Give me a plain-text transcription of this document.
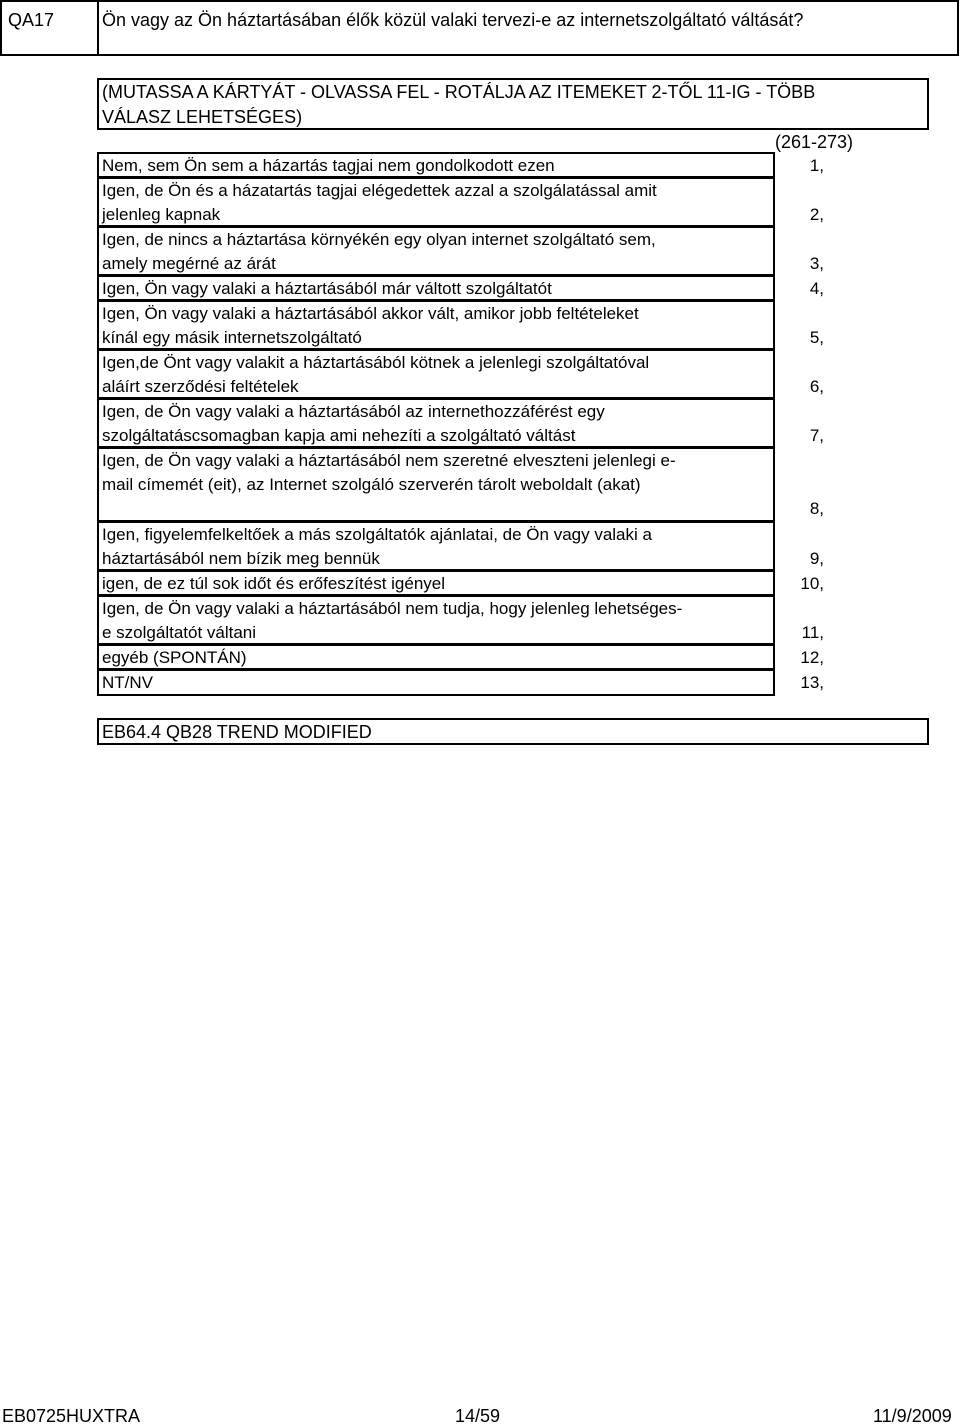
QA17	Ön vagy az Ön háztartásában élők közül valaki tervezi-e az internetszolgáltató váltását?
(MUTASSA A KÁRTYÁT - OLVASSA FEL - ROTÁLJA AZ ITEMEKET 2-TŐL 11-IG - TÖBB
VÁLASZ LEHETSÉGES)
(261-273)
Nem, sem Ön sem a házartás tagjai nem gondolkodott ezen	1,
Igen, de Ön és a házatartás tagjai elégedettek azzal a szolgálatással amit
jelenleg kapnak	2,
Igen, de nincs a háztartása környékén egy olyan internet szolgáltató sem,
amely megérné az árát	3,
Igen, Ön vagy valaki a háztartásából már váltott szolgáltatót	4,
Igen, Ön vagy valaki a háztartásából akkor vált, amikor jobb feltételeket
kínál egy másik internetszolgáltató	5,
Igen,de Önt vagy valakit a háztartásából kötnek a jelenlegi szolgáltatóval
aláírt szerződési feltételek	6,
Igen, de Ön vagy valaki a háztartásából az internethozzáférést egy
szolgáltatáscsomagban kapja ami nehezíti a szolgáltató váltást	7,
Igen, de Ön vagy valaki a háztartásából nem szeretné elveszteni jelenlegi e-
mail címemét (eit), az Internet szolgáló szerverén tárolt weboldalt (akat)
8,
Igen, figyelemfelkeltőek a más szolgáltatók ajánlatai, de Ön vagy valaki a
háztartásából nem bízik meg bennük	9,
igen, de ez túl sok időt és erőfeszítést igényel	10,
Igen, de Ön vagy valaki a háztartásából nem tudja, hogy jelenleg lehetséges-
e szolgáltatót váltani	11,
egyéb (SPONTÁN)	12,
NT/NV	13,
EB64.4 QB28 TREND MODIFIED
EB0725HUXTRA	14/59	11/9/2009
